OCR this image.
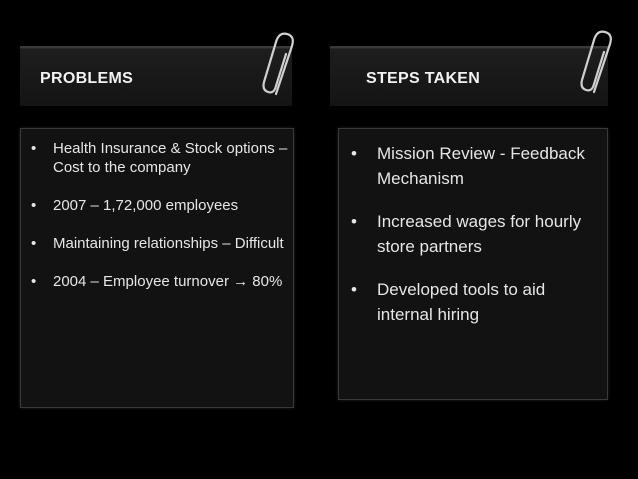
PROBLEMS	STEPS TAKEN
• Health Insurance & Stock options – Cost to the company
• 2007 – 1,72,000 employees
• Maintaining relationships – Difficult
• 2004 – Employee turnover → 80%
• Mission Review - Feedback Mechanism
• Increased wages for hourly store partners
• Developed tools to aid internal hiring
